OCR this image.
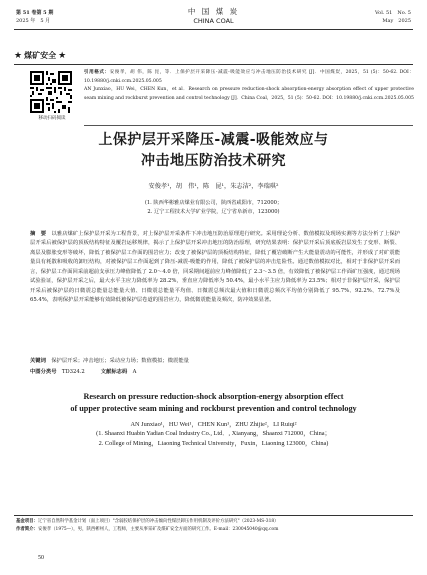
第 51 卷第 5 期
2025 年　5 月
中 国 煤 炭
CHINA COAL
Vol. 51　No. 5
May　2025
★ 煤矿安全 ★
移动扫码阅读
引用格式：安俊孝，胡 伟，陈 昆，等．上保护层开采降压-减震-吸能效应与冲击地压防治技术研究 [J]．中国煤炭，2025，51 (5)：50-62. DOI：10.19880/j.cnki.ccm.2025.05.005
AN Junxiao，HU Wei，CHEN Kun，et al．Research on pressure reduction-shock absorption-energy absorption effect of upper protective seam mining and rockburst prevention and control technology [J]．China Coal，2025，51 (5)：50-62. DOI：10.19880/j.cnki.ccm.2025.05.005
上保护层开采降压-减震-吸能效应与
冲击地压防治技术研究
安俊孝¹，胡　伟¹，陈　昆¹，朱志洁²，李瑞琪²
(1. 陕西华彬雅店煤业有限公司，陕西省咸阳市，712000；
2. 辽宁工程技术大学矿业学院，辽宁省阜新市，123000)
摘　要　 以雅店煤矿上保护层开采为工程背景，对上保护层开采条件下冲击地压防治原理进行研究。采用理论分析、数值模拟及现场实测等方法分析了上保护层开采后被保护层的顶板结构特征及覆岩运移规律，揭示了上保护层开采冲击地压的防治原理，研究结果表明：保护层开采后顶底板岩层发生了变形、断裂、离层及膨胀变形等破坏，降低了被保护层工作面的围岩应力；改变了被保护层的顶板结构特征，降低了覆岩破断产生大能量震动的可能性，并形成了对矿震能量具有耗散和吸收的卸压结构，对被保护层工作面起到了降压-减震-吸能的作用，降低了被保护层的冲击危险性。通过数值模拟对比，相对于非保护层开采而言，保护层工作面回采前超前支承压力峰值降低了 2.0～4.0 倍，回采期间超前应力峰值降低了 2.3～3.5 倍，有效降低了被保护层工作面矿压强度，通过现场试验验证，保护层开采之后，最大水平主应力降低率为 28.2%，垂直应力降低率为 50.4%，最小水平主应力降低率为 23.5%；相对于非保护层开采，保护层开采后被保护层的日微震总能量总能量大值、日微震总能量平均值、日微震总频次最大值和日微震总频次平均值分别降低了 95.7%、92.2%、72.7%及 65.4%，表明保护层开采能够有效降低被保护层卷道的围岩应力，降低微震能量及频次，防冲效果显著。
关键词　 保护层开采；冲击地压；采动应力场；数值模拟；微震能量
中图分类号　 TD324.2	文献标志码　 A
Research on pressure reduction-shock absorption-energy absorption effect
of upper protective seam mining and rockburst prevention and control technology
AN Junxiao¹，HU Wei¹，CHEN Kun¹，ZHU Zhijie²，LI Ruiqi²
(1. Shaanxi Huabin Yadian Coal Industry Co., Ltd．, Xianyang，Shaanxi 712000，China；
2. College of Mining，Liaoning Technical University，Fuxin，Liaoning 123000，China)
基金项目：辽宁省自然科学基金计划（面上项目）"含弱胶结保护层的冲击倾向性煤层卸压作用机制及评价方法研究"（2023-MS-318）
作者简介：安俊孝（1975—），男，陕西彬州人，工程师，主要从事采矿及煤矿安全方面的研究工作。E-mail：230045040@qq.com
50
